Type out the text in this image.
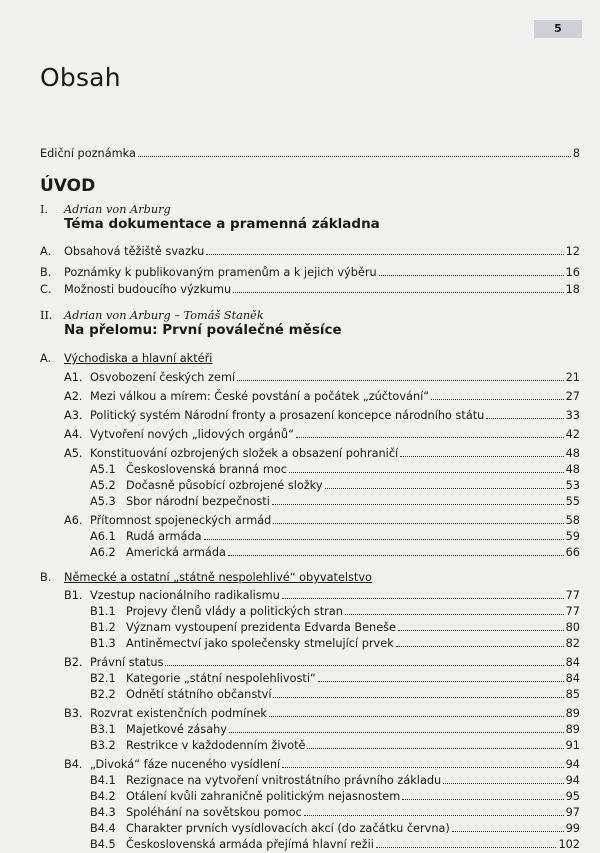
5
Obsah
Ediční poznámka	8
ÚVOD
I. Adrian von Arburg
Téma dokumentace a pramenná základna
A.	Obsahová těžiště svazku	12
B.	Poznámky k publikovaným pramenům a k jejich výběru	16
C.	Možnosti budoucího výzkumu	18
II. Adrian von Arburg – Tomáš Staněk
Na přelomu: První poválečné měsíce
A.	Východiska a hlavní aktéři
A1. Osvobození českých zemí	21
A2. Mezi válkou a mírem: České povstání a počátek „zúčtování“	27
A3. Politický systém Národní fronty a prosazení koncepce národního státu	33
A4. Vytvoření nových „lidových orgánů“	42
A5. Konstituování ozbrojených složek a obsazení pohraničí	48
A5.1 Československá branná moc	48
A5.2 Dočasně působící ozbrojené složky	53
A5.3 Sbor národní bezpečnosti	55
A6. Přítomnost spojeneckých armád	58
A6.1 Rudá armáda	59
A6.2 Americká armáda	66
B.	Německé a ostatní „státně nespolehlivé“ obyvatelstvo
B1. Vzestup nacionálního radikalismu	77
B1.1 Projevy členů vlády a politických stran	77
B1.2 Význam vystoupení prezidenta Edvarda Beneše	80
B1.3 Antiněmectví jako společensky stmelující prvek	82
B2. Právní status	84
B2.1 Kategorie „státní nespolehlivosti“	84
B2.2 Odnětí státního občanství	85
B3. Rozvrat existenčních podmínek	89
B3.1 Majetkové zásahy	89
B3.2 Restrikce v každodenním životě	91
B4. „Divoká“ fáze nuceného vysídlení	94
B4.1 Rezignace na vytvoření vnitrostátního právního základu	94
B4.2 Otálení kvůli zahraničně politickým nejasnostem	95
B4.3 Spoléhání na sovětskou pomoc	97
B4.4 Charakter prvních vysídlovacích akcí (do začátku června)	99
B4.5 Československá armáda přejímá hlavní režii	102
